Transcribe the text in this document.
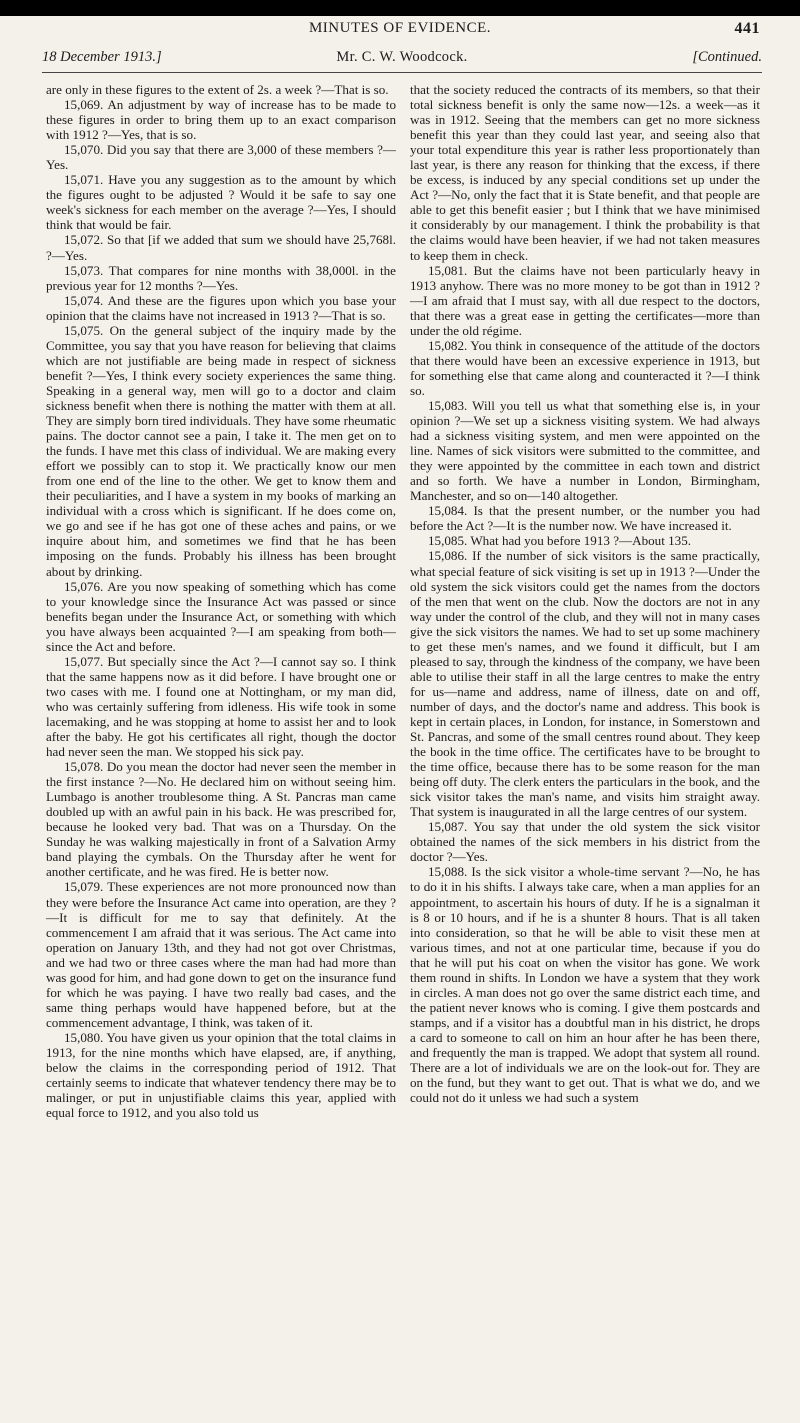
MINUTES OF EVIDENCE.	441
18 December 1913.]	Mr. C. W. Woodcock.	[Continued.

are only in these figures to the extent of 2s. a week ?—That is so.

15,069. An adjustment by way of increase has to be made to these figures in order to bring them up to an exact comparison with 1912 ?—Yes, that is so.

15,070. Did you say that there are 3,000 of these members ?—Yes.

15,071. Have you any suggestion as to the amount by which the figures ought to be adjusted ? Would it be safe to say one week's sickness for each member on the average ?—Yes, I should think that would be fair.

15,072. So that [if we added that sum we should have 25,768l. ?—Yes.

15,073. That compares for nine months with 38,000l. in the previous year for 12 months ?—Yes.

15,074. And these are the figures upon which you base your opinion that the claims have not increased in 1913 ?—That is so.

15,075. On the general subject of the inquiry made by the Committee, you say that you have reason for believing that claims which are not justifiable are being made in respect of sickness benefit ?—Yes, I think every society experiences the same thing. Speaking in a general way, men will go to a doctor and claim sickness benefit when there is nothing the matter with them at all. They are simply born tired individuals. They have some rheumatic pains. The doctor cannot see a pain, I take it. The men get on to the funds. I have met this class of individual. We are making every effort we possibly can to stop it. We practically know our men from one end of the line to the other. We get to know them and their peculiarities, and I have a system in my books of marking an individual with a cross which is significant. If he does come on, we go and see if he has got one of these aches and pains, or we inquire about him, and sometimes we find that he has been imposing on the funds. Probably his illness has been brought about by drinking.

15,076. Are you now speaking of something which has come to your knowledge since the Insurance Act was passed or since benefits began under the Insurance Act, or something with which you have always been acquainted ?—I am speaking from both—since the Act and before.

15,077. But specially since the Act ?—I cannot say so. I think that the same happens now as it did before. I have brought one or two cases with me. I found one at Nottingham, or my man did, who was certainly suffering from idleness. His wife took in some lacemaking, and he was stopping at home to assist her and to look after the baby. He got his certificates all right, though the doctor had never seen the man. We stopped his sick pay.

15,078. Do you mean the doctor had never seen the member in the first instance ?—No. He declared him on without seeing him. Lumbago is another troublesome thing. A St. Pancras man came doubled up with an awful pain in his back. He was prescribed for, because he looked very bad. That was on a Thursday. On the Sunday he was walking majestically in front of a Salvation Army band playing the cymbals. On the Thursday after he went for another certificate, and he was fired. He is better now.

15,079. These experiences are not more pronounced now than they were before the Insurance Act came into operation, are they ?—It is difficult for me to say that definitely. At the commencement I am afraid that it was serious. The Act came into operation on January 13th, and they had not got over Christmas, and we had two or three cases where the man had had more than was good for him, and had gone down to get on the insurance fund for which he was paying. I have two really bad cases, and the same thing perhaps would have happened before, but at the commencement advantage, I think, was taken of it.

15,080. You have given us your opinion that the total claims in 1913, for the nine months which have elapsed, are, if anything, below the claims in the corresponding period of 1912. That certainly seems to indicate that whatever tendency there may be to malinger, or put in unjustifiable claims this year, applied with equal force to 1912, and you also told us

that the society reduced the contracts of its members, so that their total sickness benefit is only the same now—12s. a week—as it was in 1912. Seeing that the members can get no more sickness benefit this year than they could last year, and seeing also that your total expenditure this year is rather less proportionately than last year, is there any reason for thinking that the excess, if there be excess, is induced by any special conditions set up under the Act ?—No, only the fact that it is State benefit, and that people are able to get this benefit easier ; but I think that we have minimised it considerably by our management. I think the probability is that the claims would have been heavier, if we had not taken measures to keep them in check.

15,081. But the claims have not been particularly heavy in 1913 anyhow. There was no more money to be got than in 1912 ?—I am afraid that I must say, with all due respect to the doctors, that there was a great ease in getting the certificates—more than under the old régime.

15,082. You think in consequence of the attitude of the doctors that there would have been an excessive experience in 1913, but for something else that came along and counteracted it ?—I think so.

15,083. Will you tell us what that something else is, in your opinion ?—We set up a sickness visiting system. We had always had a sickness visiting system, and men were appointed on the line. Names of sick visitors were submitted to the committee, and they were appointed by the committee in each town and district and so forth. We have a number in London, Birmingham, Manchester, and so on—140 altogether.

15,084. Is that the present number, or the number you had before the Act ?—It is the number now. We have increased it.

15,085. What had you before 1913 ?—About 135.

15,086. If the number of sick visitors is the same practically, what special feature of sick visiting is set up in 1913 ?—Under the old system the sick visitors could get the names from the doctors of the men that went on the club. Now the doctors are not in any way under the control of the club, and they will not in many cases give the sick visitors the names. We had to set up some machinery to get these men's names, and we found it difficult, but I am pleased to say, through the kindness of the company, we have been able to utilise their staff in all the large centres to make the entry for us—name and address, name of illness, date on and off, number of days, and the doctor's name and address. This book is kept in certain places, in London, for instance, in Somerstown and St. Pancras, and some of the small centres round about. They keep the book in the time office. The certificates have to be brought to the time office, because there has to be some reason for the man being off duty. The clerk enters the particulars in the book, and the sick visitor takes the man's name, and visits him straight away. That system is inaugurated in all the large centres of our system.

15,087. You say that under the old system the sick visitor obtained the names of the sick members in his district from the doctor ?—Yes.

15,088. Is the sick visitor a whole-time servant ?—No, he has to do it in his shifts. I always take care, when a man applies for an appointment, to ascertain his hours of duty. If he is a signalman it is 8 or 10 hours, and if he is a shunter 8 hours. That is all taken into consideration, so that he will be able to visit these men at various times, and not at one particular time, because if you do that he will put his coat on when the visitor has gone. We work them round in shifts. In London we have a system that they work in circles. A man does not go over the same district each time, and the patient never knows who is coming. I give them postcards and stamps, and if a visitor has a doubtful man in his district, he drops a card to someone to call on him an hour after he has been there, and frequently the man is trapped. We adopt that system all round. There are a lot of individuals we are on the look-out for. They are on the fund, but they want to get out. That is what we do, and we could not do it unless we had such a system
